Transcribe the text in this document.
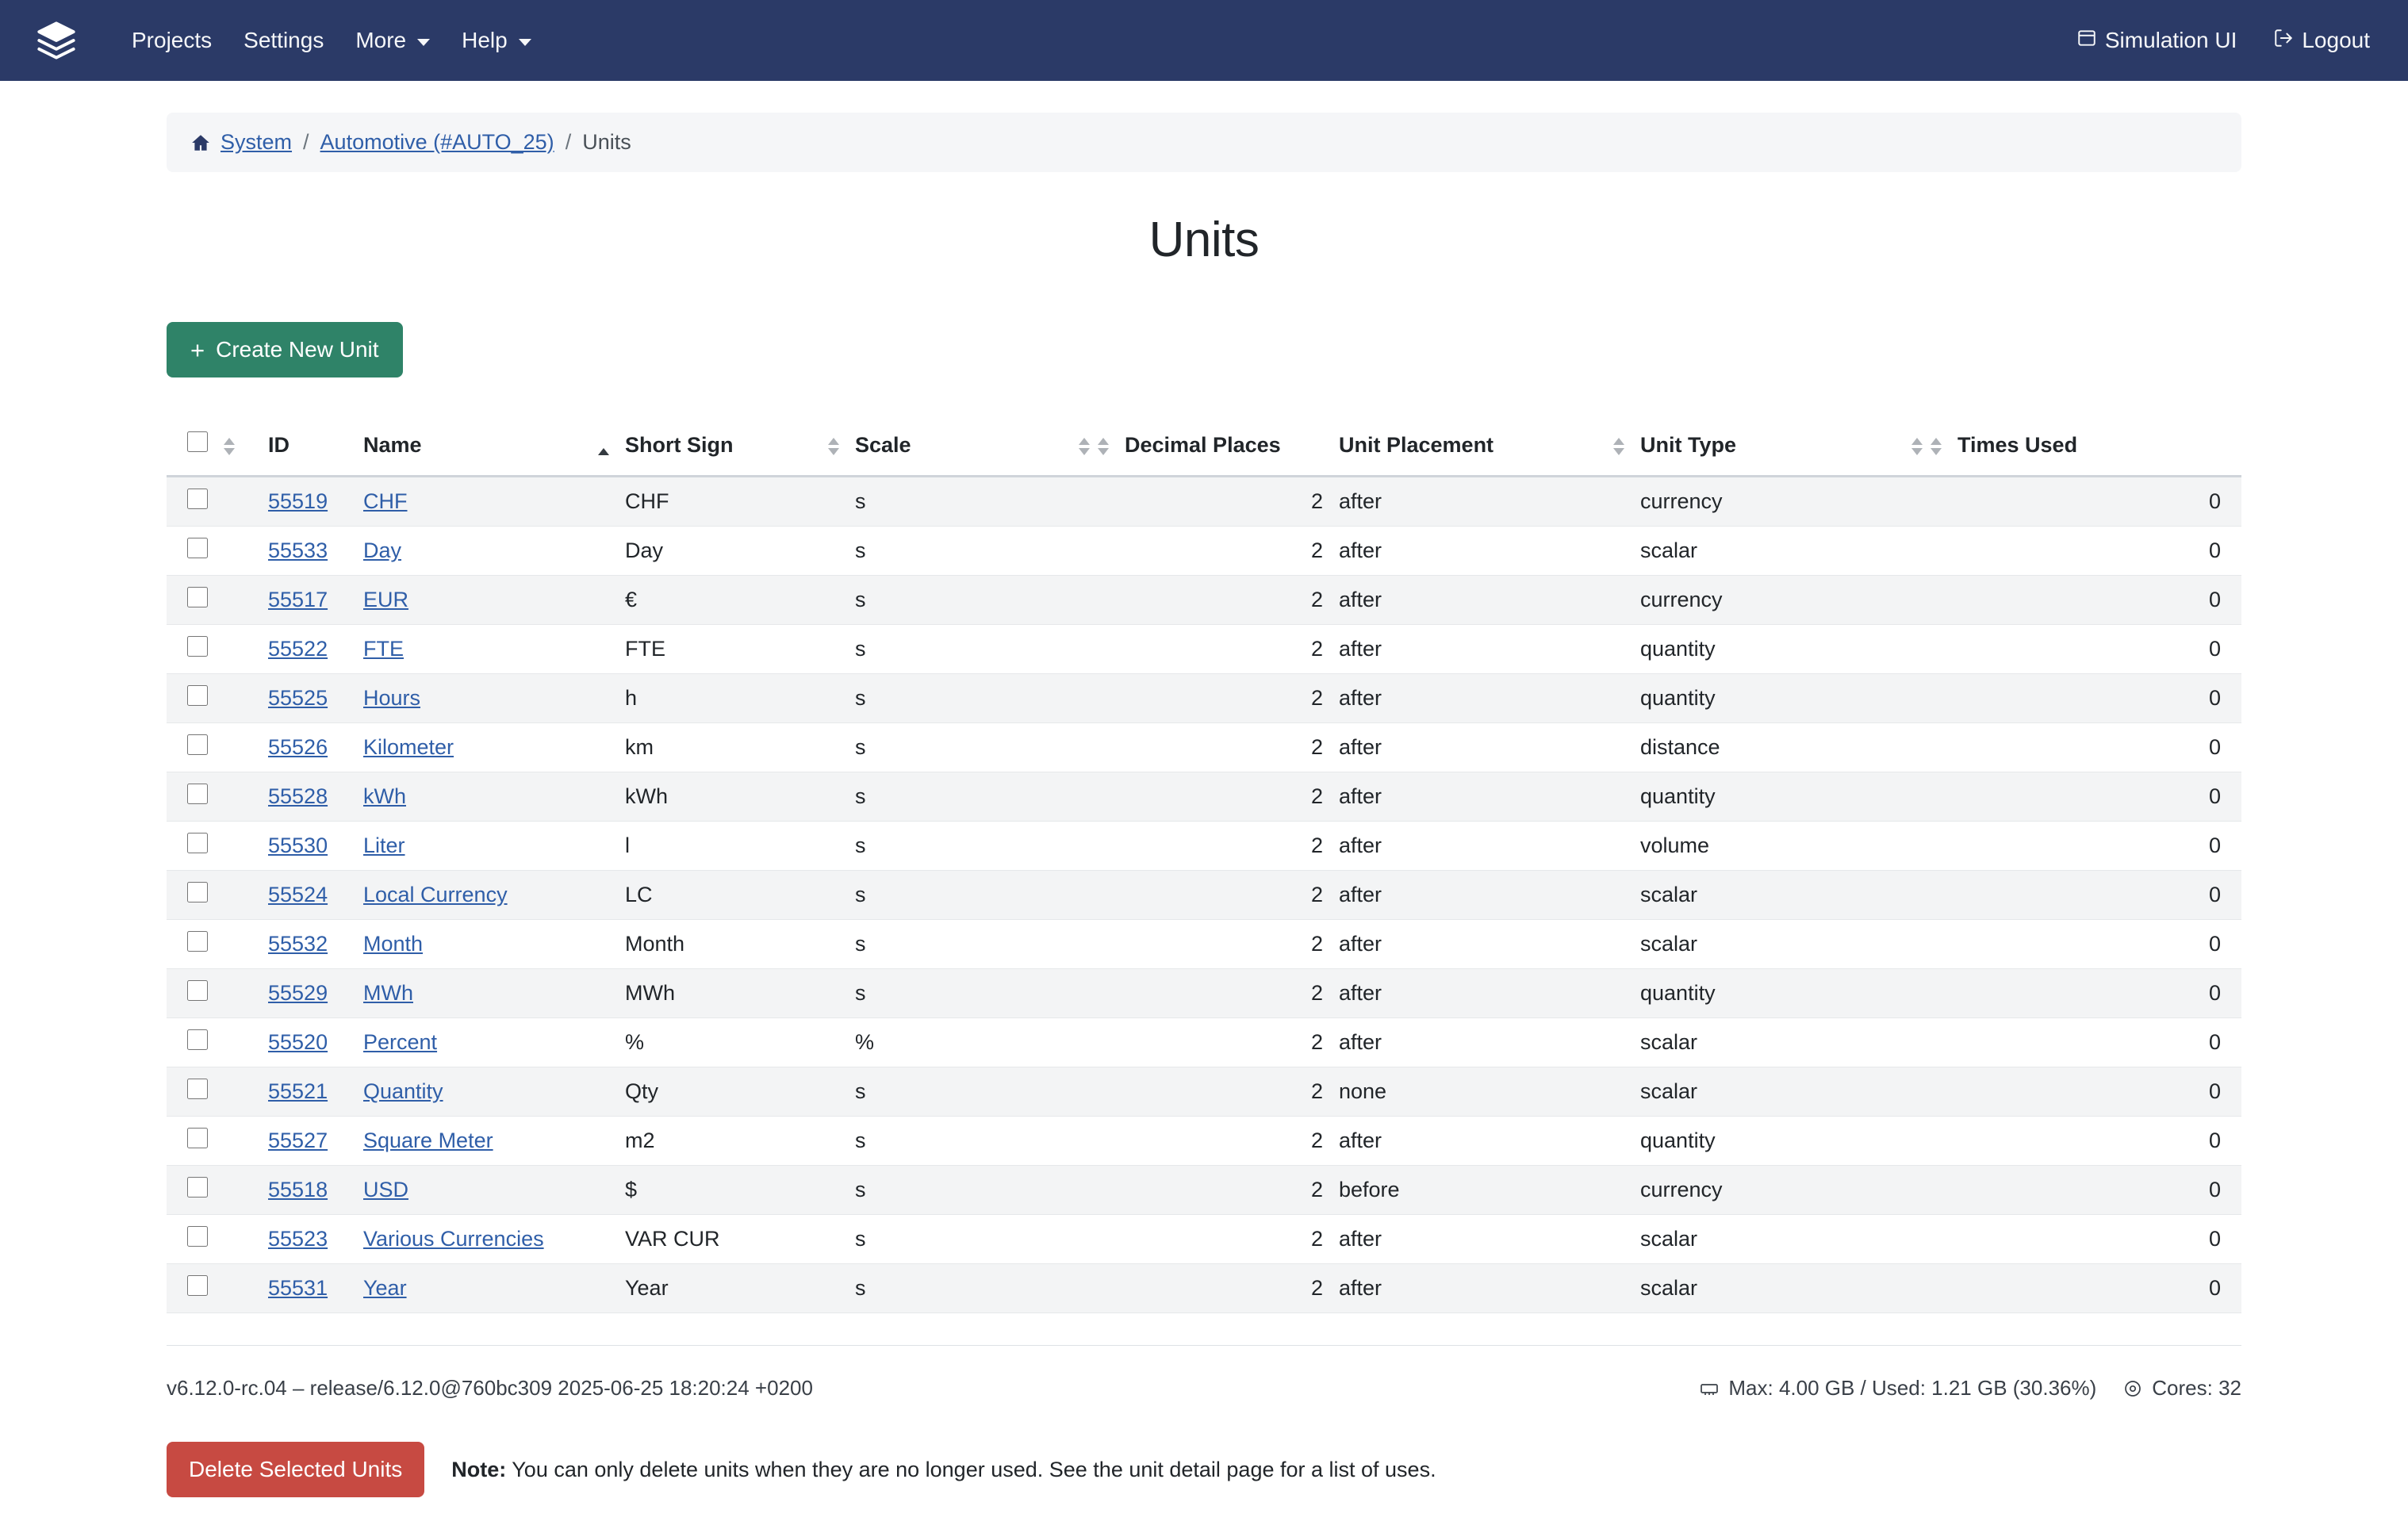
Projects Settings More	Help	Simulation UI	Logout
System / Automotive (#AUTO_25) / Units
Units
+ Create New Unit

	ID	Name	Short Sign	Scale	Decimal Places	Unit Placement	Unit Type	Times Used
		55519	CHF	CHF	s	2	after	currency	0
		55533	Day	Day	s	2	after	scalar	0
		55517	EUR	€	s	2	after	currency	0
		55522	FTE	FTE	s	2	after	quantity	0
		55525	Hours	h	s	2	after	quantity	0
		55526	Kilometer	km	s	2	after	distance	0
		55528	kWh	kWh	s	2	after	quantity	0
		55530	Liter	l	s	2	after	volume	0
		55524	Local Currency	LC	s	2	after	scalar	0
		55532	Month	Month	s	2	after	scalar	0
		55529	MWh	MWh	s	2	after	quantity	0
		55520	Percent	%	%	2	after	scalar	0
		55521	Quantity	Qty	s	2	none	scalar	0
		55527	Square Meter	m2	s	2	after	quantity	0
		55518	USD	$	s	2	before	currency	0
		55523	Various Currencies	VAR CUR	s	2	after	scalar	0
		55531	Year	Year	s	2	after	scalar	0
v6.12.0-rc.04 – release/6.12.0@760bc309 2025-06-25 18:20:24 +0200	Max: 4.00 GB / Used: 1.21 GB (30.36%)	Cores: 32
Delete Selected Units	Note: You can only delete units when they are no longer used. See the unit detail page for a list of uses.
